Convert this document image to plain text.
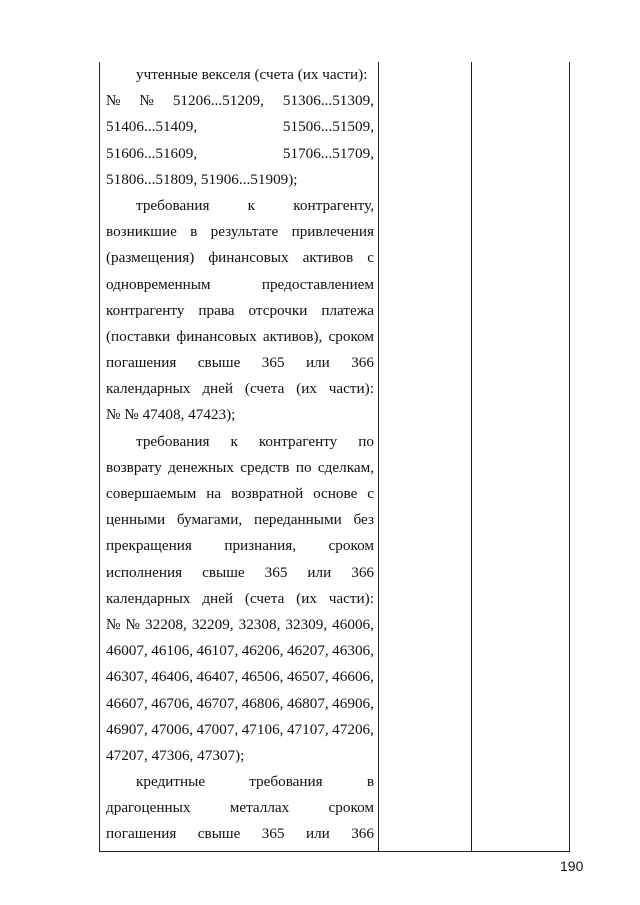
учтенные векселя (счета (их части):
№ № 51206...51209, 51306...51309,
51406...51409,	51506...51509,
51606...51609,	51706...51709,
51806...51809, 51906...51909);
требования	к	контрагенту,
возникшие в результате привлечения
(размещения) финансовых активов с
одновременным	предоставлением
контрагенту права отсрочки платежа
(поставки финансовых активов), сроком
погашения свыше 365 или 366
календарных дней (счета (их части):
№ № 47408, 47423);
требования к контрагенту по
возврату денежных средств по сделкам,
совершаемым на возвратной основе с
ценными бумагами, переданными без
прекращения признания, сроком
исполнения свыше 365 или 366
календарных дней (счета (их части):
№ № 32208, 32209, 32308, 32309, 46006,
46007, 46106, 46107, 46206, 46207, 46306,
46307, 46406, 46407, 46506, 46507, 46606,
46607, 46706, 46707, 46806, 46807, 46906,
46907, 47006, 47007, 47106, 47107, 47206,
47207, 47306, 47307);
кредитные	требования	в
драгоценных	металлах	сроком
погашения свыше 365 или 366
190
